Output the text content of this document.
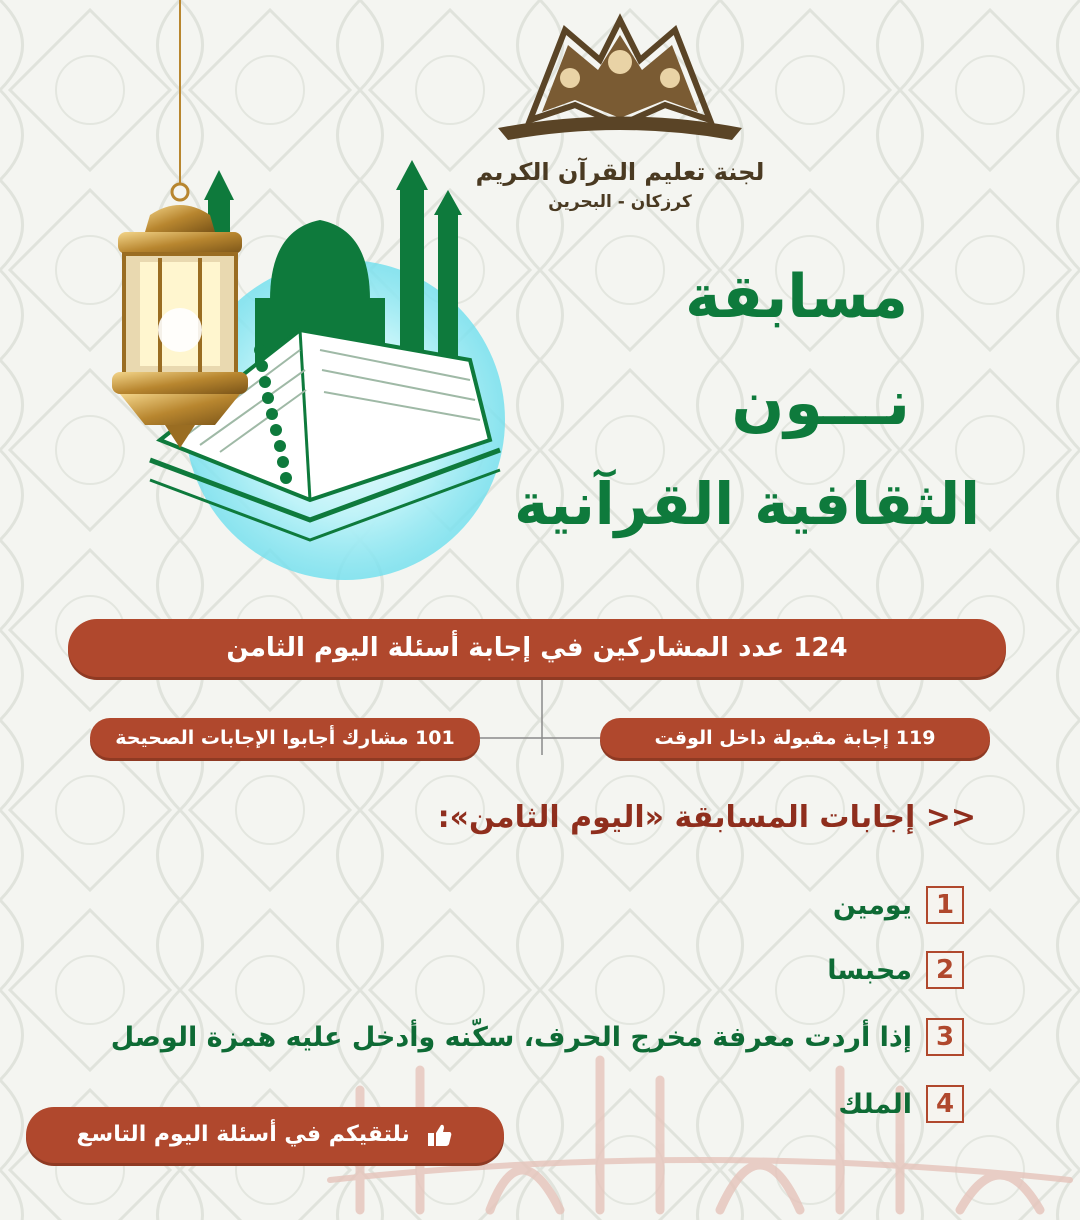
لجنة تعليم القرآن الكريم
كرزكان - البحرين
مسابقة
نـــون
الثقافية القرآنية
124 عدد المشاركين في إجابة أسئلة اليوم الثامن
101 مشارك أجابوا الإجابات الصحيحة	119 إجابة مقبولة داخل الوقت
<< إجابات المسابقة «اليوم الثامن»:
1
يومين
2
محبسا
3
إذا أردت معرفة مخرج الحرف، سكّنه وأدخل عليه همزة الوصل
4
الملك
نلتقيكم في أسئلة اليوم التاسع
